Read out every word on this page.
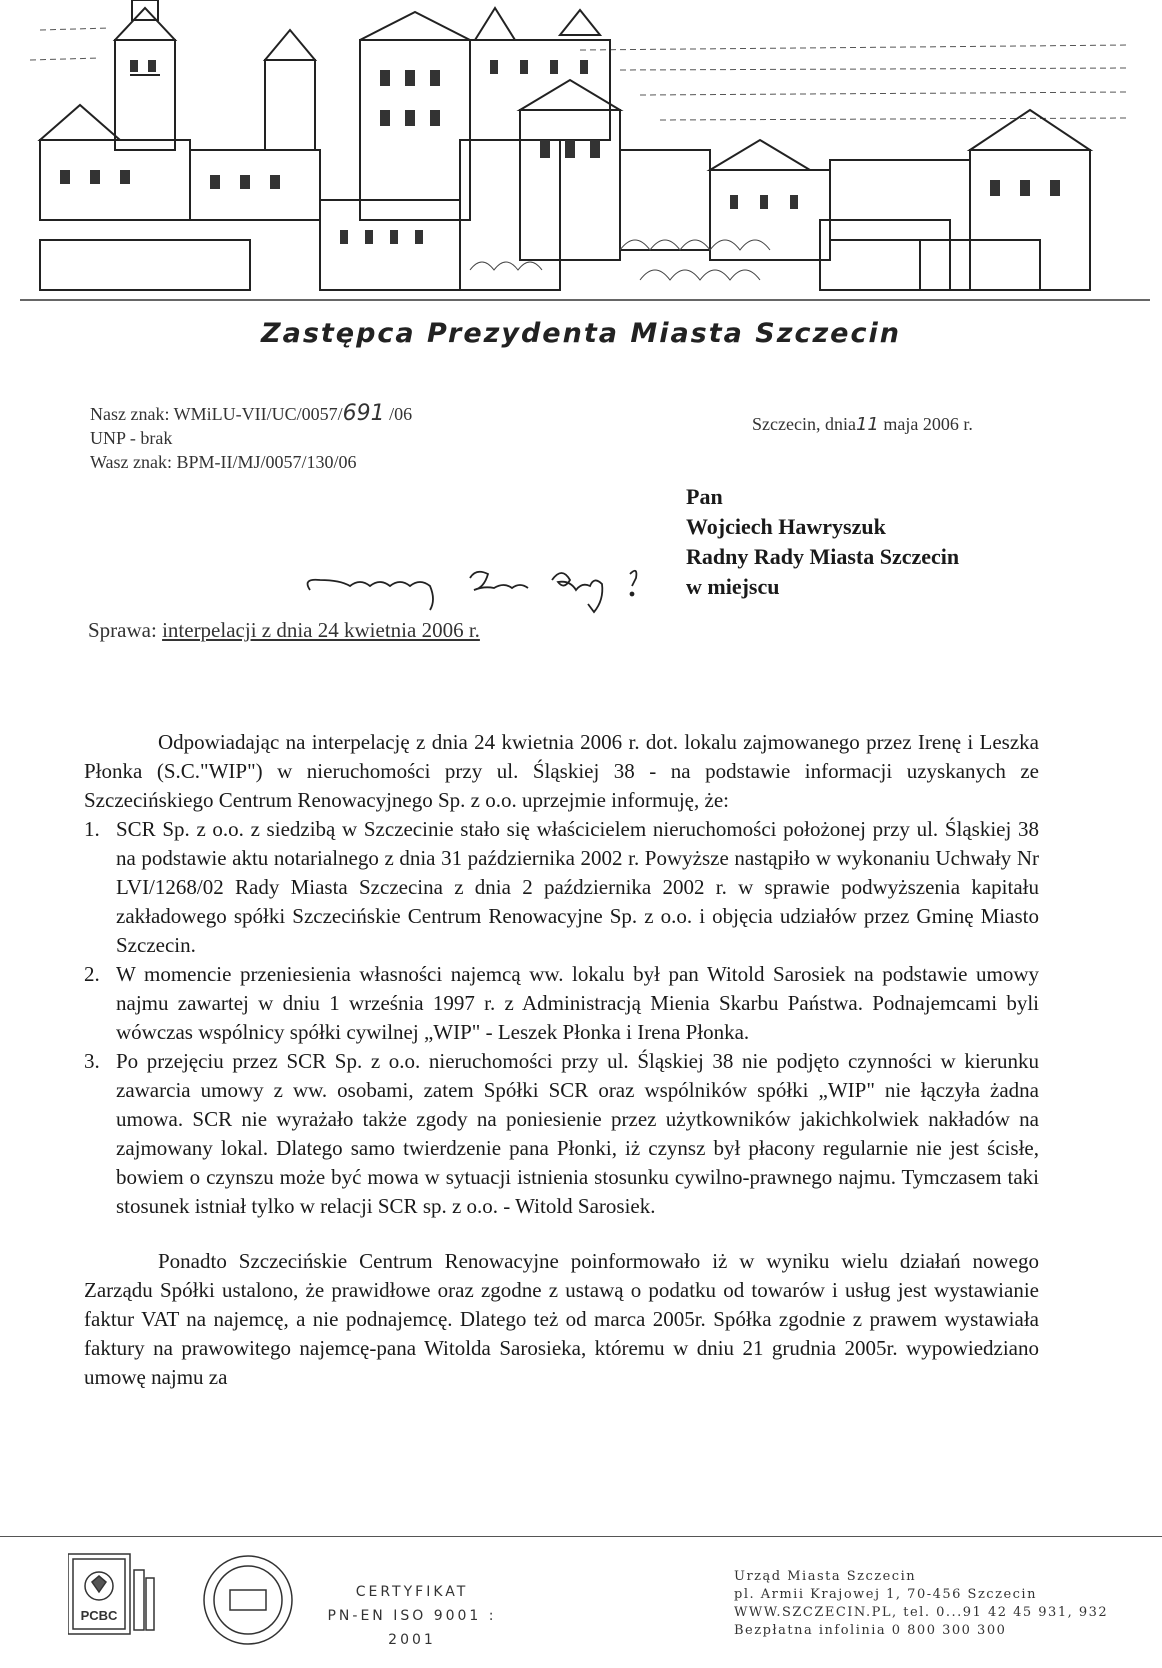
Zastępca Prezydenta Miasta Szczecin
Nasz znak: WMiLU-VII/UC/0057/691 /06
UNP - brak
Wasz znak: BPM-II/MJ/0057/130/06
Szczecin, dnia11 maja 2006 r.
Pan
Wojciech Hawryszuk
Radny Rady Miasta Szczecin
w miejscu
Sprawa: interpelacji z dnia 24 kwietnia 2006 r.

Odpowiadając na interpelację z dnia 24 kwietnia 2006 r. dot. lokalu zajmowanego przez Irenę i Leszka Płonka (S.C."WIP") w nieruchomości przy ul. Śląskiej 38 - na podstawie informacji uzyskanych ze Szczecińskiego Centrum Renowacyjnego Sp. z o.o. uprzejmie informuję, że:

1. SCR Sp. z o.o. z siedzibą w Szczecinie stało się właścicielem nieruchomości położonej przy ul. Śląskiej 38 na podstawie aktu notarialnego z dnia 31 października 2002 r. Powyższe nastąpiło w wykonaniu Uchwały Nr LVI/1268/02 Rady Miasta Szczecina z dnia 2 października 2002 r. w sprawie podwyższenia kapitału zakładowego spółki Szczecińskie Centrum Renowacyjne Sp. z o.o. i objęcia udziałów przez Gminę Miasto Szczecin.
2. W momencie przeniesienia własności najemcą ww. lokalu był pan Witold Sarosiek na podstawie umowy najmu zawartej w dniu 1 września 1997 r. z Administracją Mienia Skarbu Państwa. Podnajemcami byli wówczas wspólnicy spółki cywilnej „WIP" - Leszek Płonka i Irena Płonka.
3. Po przejęciu przez SCR Sp. z o.o. nieruchomości przy ul. Śląskiej 38 nie podjęto czynności w kierunku zawarcia umowy z ww. osobami, zatem Spółki SCR oraz wspólników spółki „WIP" nie łączyła żadna umowa. SCR nie wyrażało także zgody na poniesienie przez użytkowników jakichkolwiek nakładów na zajmowany lokal. Dlatego samo twierdzenie pana Płonki, iż czynsz był płacony regularnie nie jest ścisłe, bowiem o czynszu może być mowa w sytuacji istnienia stosunku cywilno-prawnego najmu. Tymczasem taki stosunek istniał tylko w relacji SCR sp. z o.o. - Witold Sarosiek.

Ponadto Szczecińskie Centrum Renowacyjne poinformowało iż w wyniku wielu działań nowego Zarządu Spółki ustalono, że prawidłowe oraz zgodne z ustawą o podatku od towarów i usług jest wystawianie faktur VAT na najemcę, a nie podnajemcę. Dlatego też od marca 2005r. Spółka zgodnie z prawem wystawiała faktury na prawowitego najemcę-pana Witolda Sarosieka, któremu w dniu 21 grudnia 2005r. wypowiedziano umowę najmu za

PCBC
CERTYFIKAT
PN-EN ISO 9001 : 2001
Urząd Miasta Szczecin
pl. Armii Krajowej 1, 70-456 Szczecin
WWW.SZCZECIN.PL, tel. 0...91 42 45 931, 932
Bezpłatna infolinia 0 800 300 300
